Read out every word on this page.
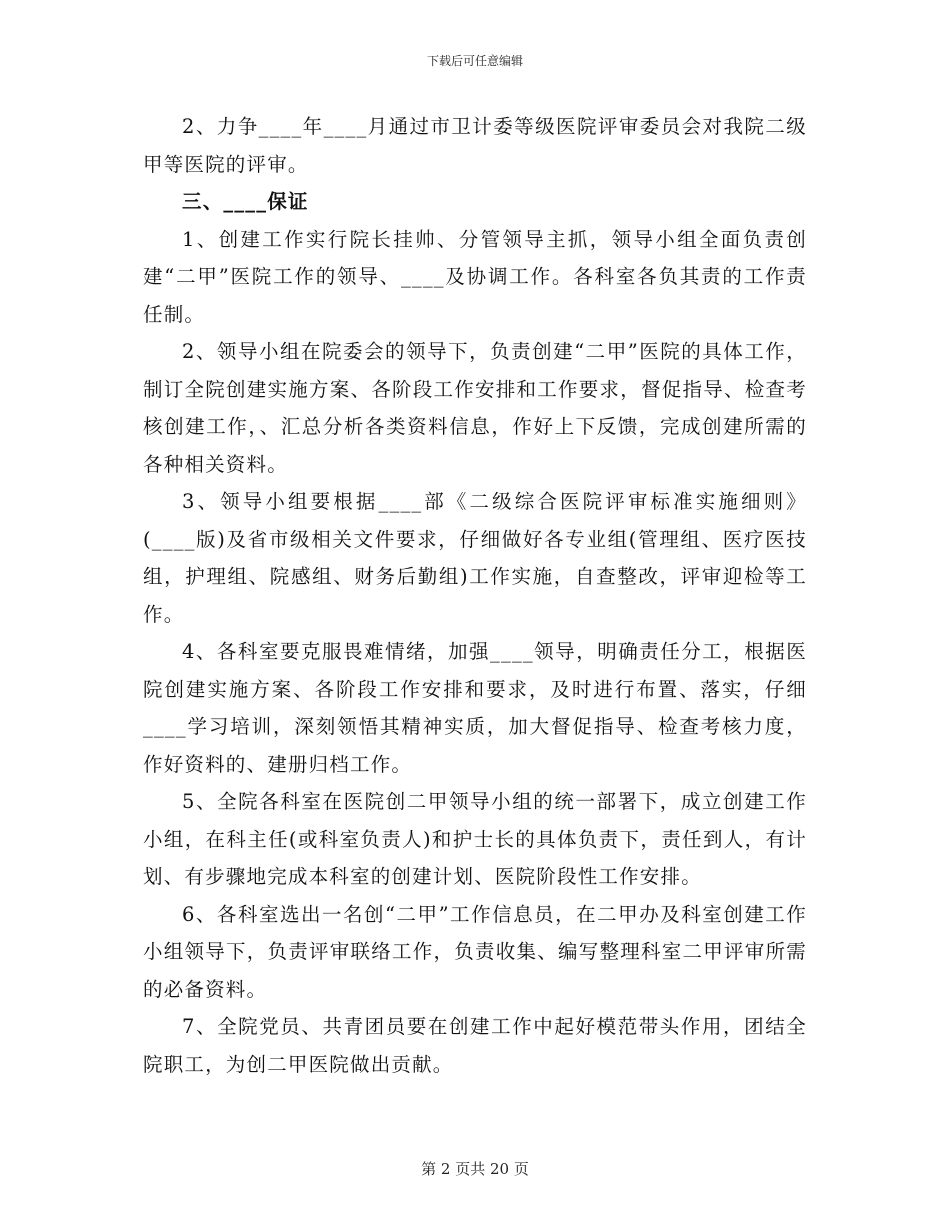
下载后可任意编辑

2、力争____年____月通过市卫计委等级医院评审委员会对我院二级甲等医院的评审。

三、____保证

1、创建工作实行院长挂帅、分管领导主抓，领导小组全面负责创建“二甲”医院工作的领导、____及协调工作。各科室各负其责的工作责任制。

2、领导小组在院委会的领导下，负责创建“二甲”医院的具体工作，制订全院创建实施方案、各阶段工作安排和工作要求，督促指导、检查考核创建工作，、汇总分析各类资料信息，作好上下反馈，完成创建所需的各种相关资料。

3、领导小组要根据____部《二级综合医院评审标准实施细则》(____版)及省市级相关文件要求，仔细做好各专业组(管理组、医疗医技组，护理组、院感组、财务后勤组)工作实施，自查整改，评审迎检等工作。

4、各科室要克服畏难情绪，加强____领导，明确责任分工，根据医院创建实施方案、各阶段工作安排和要求，及时进行布置、落实，仔细____学习培训，深刻领悟其精神实质，加大督促指导、检查考核力度，作好资料的、建册归档工作。

5、全院各科室在医院创二甲领导小组的统一部署下，成立创建工作小组，在科主任(或科室负责人)和护士长的具体负责下，责任到人，有计划、有步骤地完成本科室的创建计划、医院阶段性工作安排。

6、各科室选出一名创“二甲”工作信息员，在二甲办及科室创建工作小组领导下，负责评审联络工作，负责收集、编写整理科室二甲评审所需的必备资料。

7、全院党员、共青团员要在创建工作中起好模范带头作用，团结全院职工，为创二甲医院做出贡献。

第 2 页共 20 页
